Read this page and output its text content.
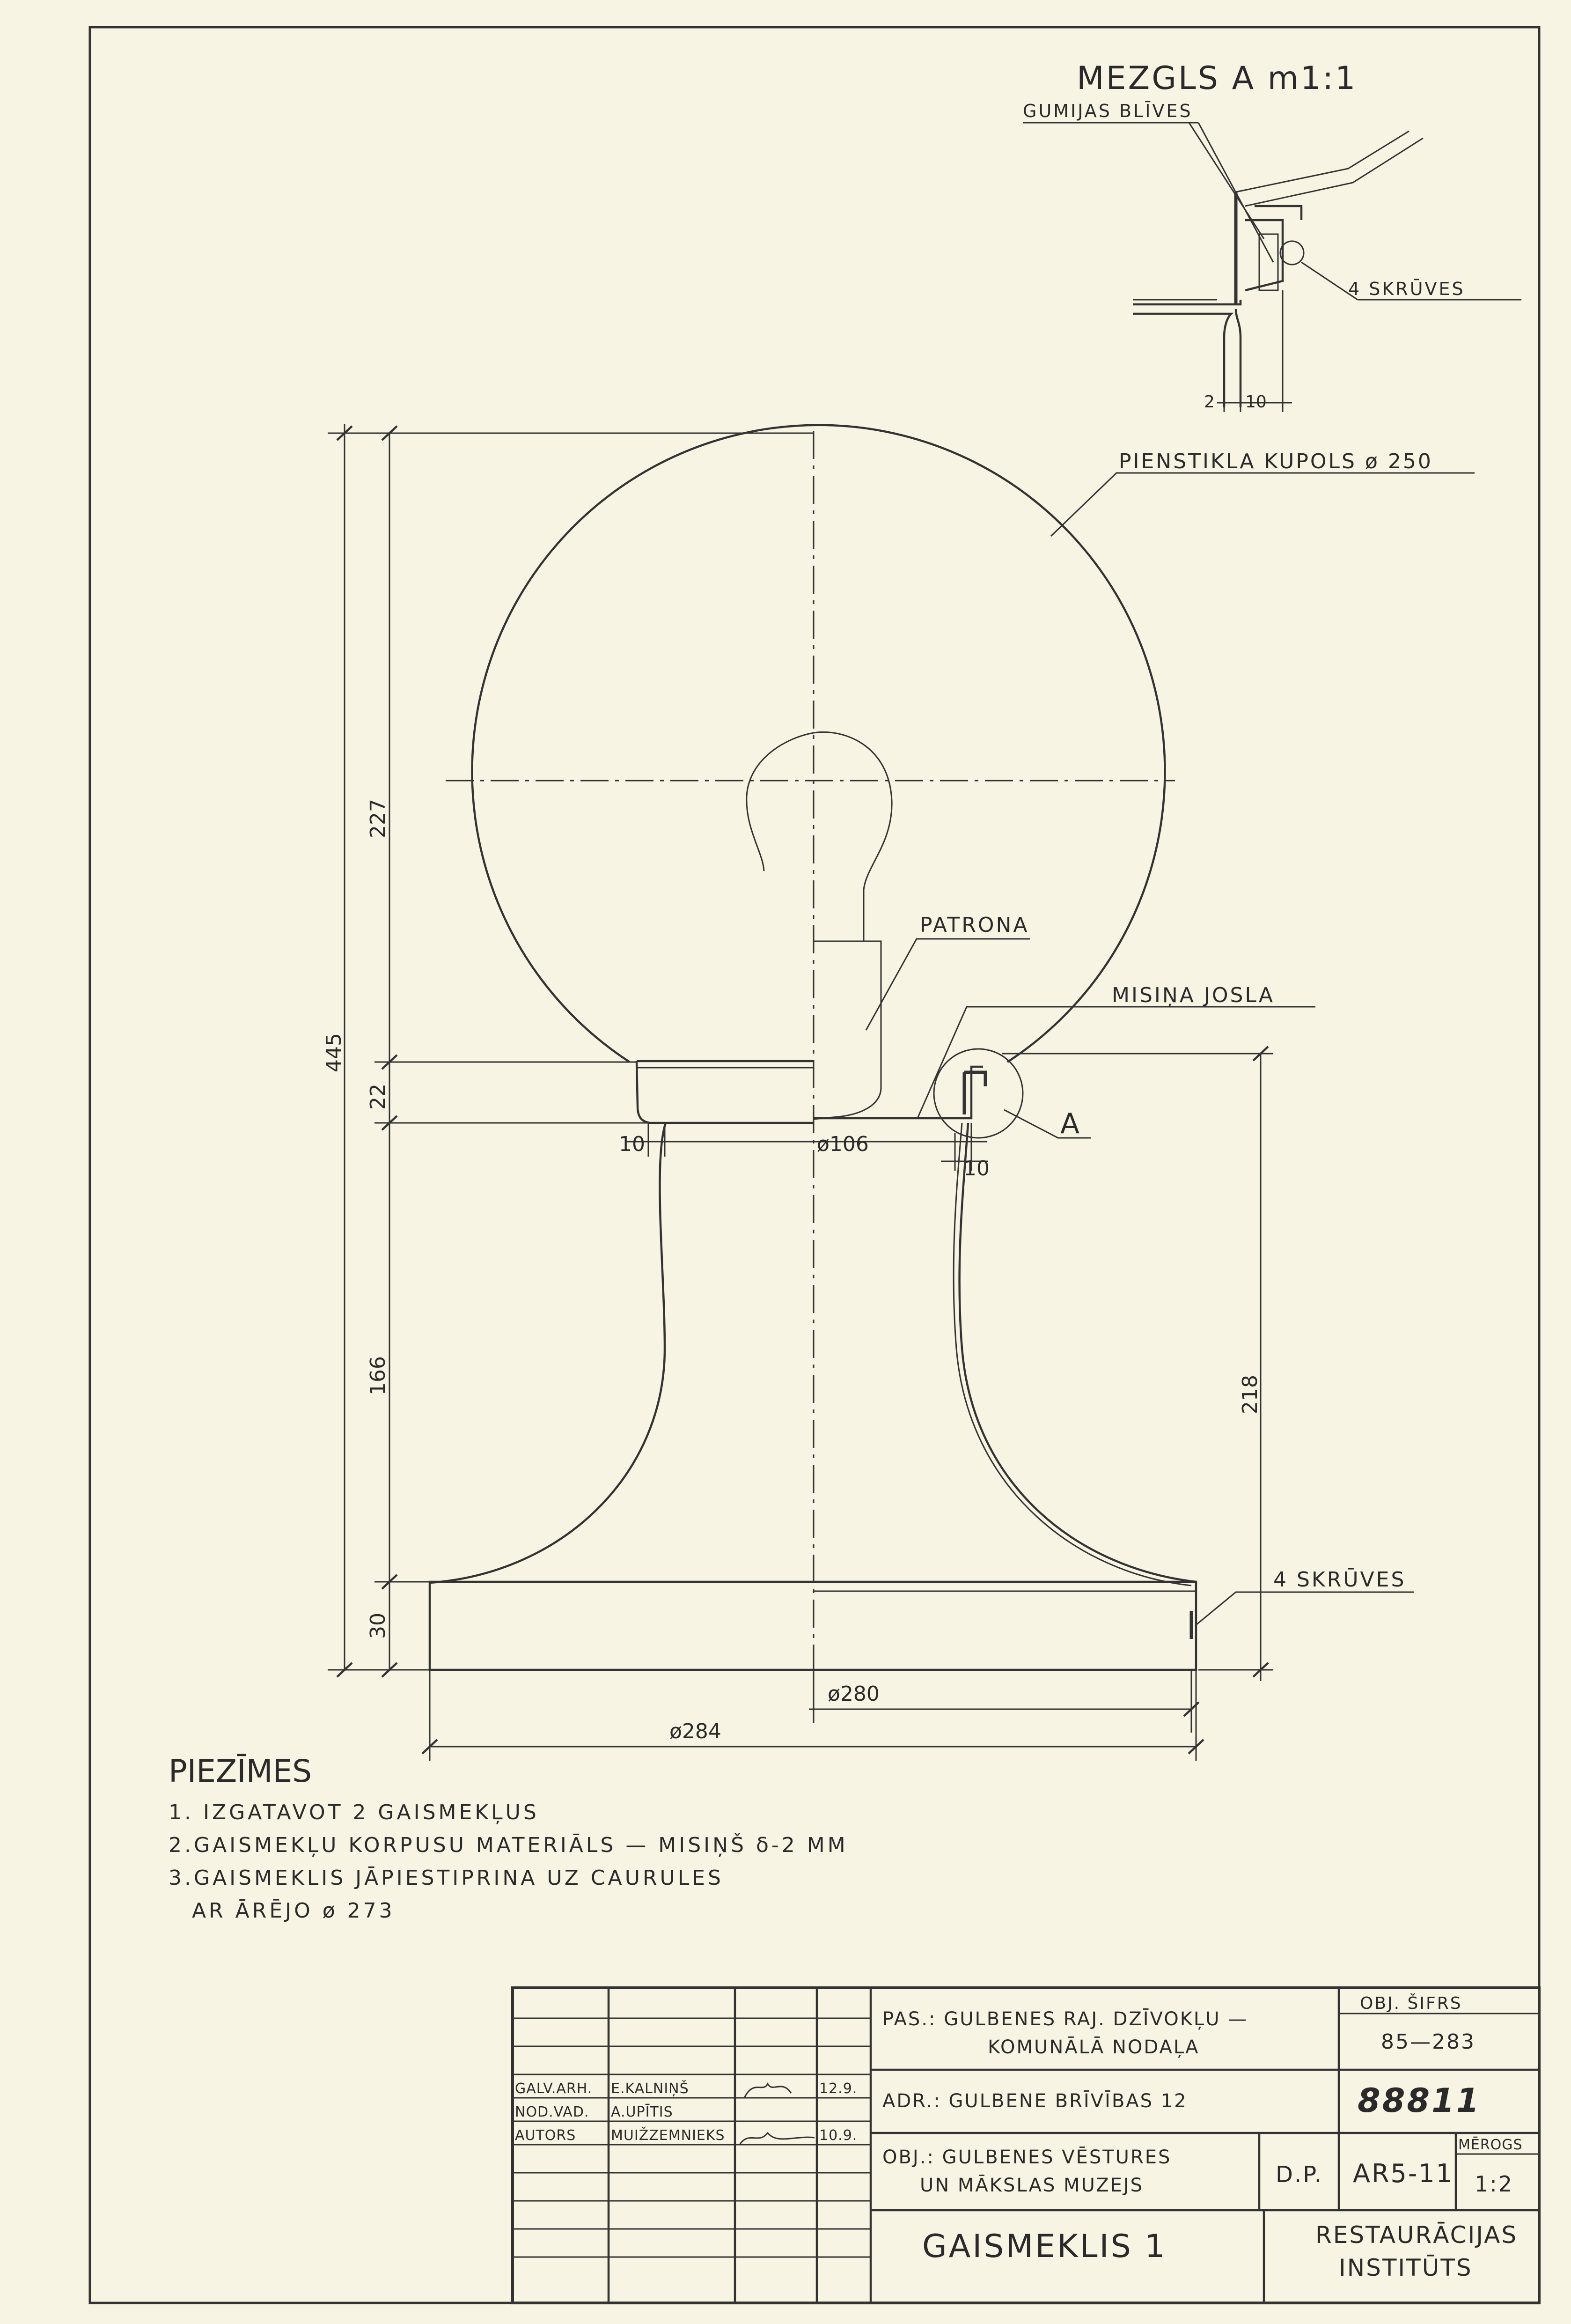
445
227
22
166
30
218
ø106
10
10
ø280
ø284
PIENSTIKLA KUPOLS ø 250
PATRONA
MISIŅA JOSLA
A
4 SKRŪVES
MEZGLS A m1:1
GUMIJAS BLĪVES
4 SKRŪVES
2 10
PIEZĪMES
1. IZGATAVOT 2 GAISMEKĻUS
2.GAISMEKĻU KORPUSU MATERIĀLS — MISIŅŠ δ-2 MM
3.GAISMEKLIS JĀPIESTIPRINA UZ CAURULES
AR ĀRĒJO ø 273
GALV.ARH. E.KALNIŅŠ	12.9.
NOD.VAD. A.UPĪTIS
AUTORS MUIŽZEMNIEKS	10.9.
PAS.: GULBENES RAJ. DZĪVOKĻU —
KOMUNĀLĀ NODAĻA
OBJ. ŠIFRS
85—283
ADR.: GULBENE BRĪVĪBAS 12	88811
OBJ.: GULBENES VĒSTURES
UN MĀKSLAS MUZEJS	D.P. AR5-11
MĒROGS
1:2
GAISMEKLIS 1	RESTAURĀCIJAS
INSTITŪTS
